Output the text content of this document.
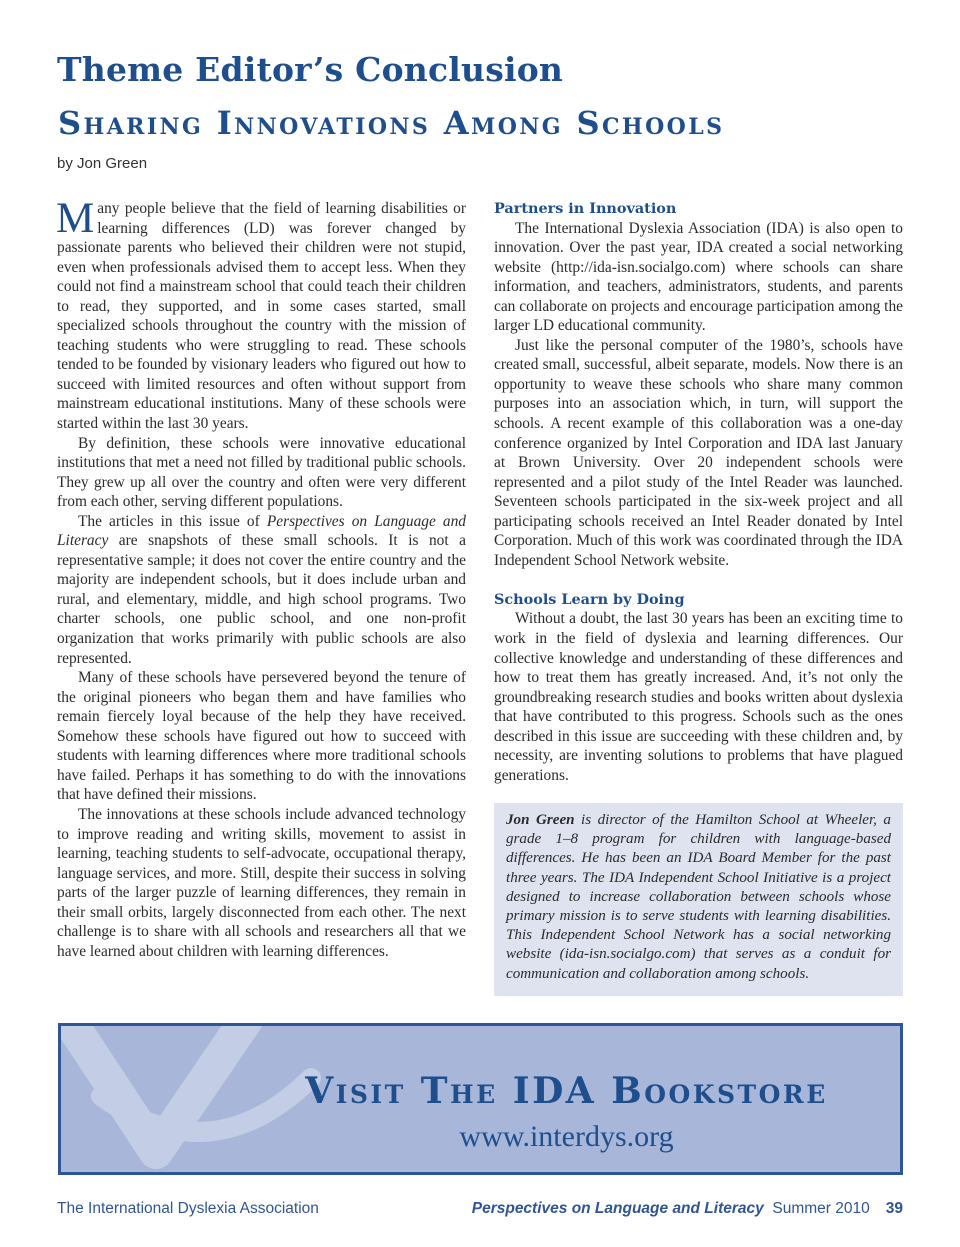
Theme Editor’s Conclusion
Sharing Innovations Among Schools
by Jon Green

Many people believe that the field of learning disabilities or learning differences (LD) was forever changed by passionate parents who believed their children were not stupid, even when professionals advised them to accept less. When they could not find a mainstream school that could teach their children to read, they supported, and in some cases started, small specialized schools throughout the country with the mission of teaching students who were struggling to read. These schools tended to be founded by visionary leaders who figured out how to succeed with limited resources and often without support from mainstream educational institutions. Many of these schools were started within the last 30 years.

By definition, these schools were innovative educational institutions that met a need not filled by traditional public schools. They grew up all over the country and often were very different from each other, serving different populations.

The articles in this issue of Perspectives on Language and Literacy are snapshots of these small schools. It is not a representative sample; it does not cover the entire country and the majority are independent schools, but it does include urban and rural, and elementary, middle, and high school programs. Two charter schools, one public school, and one non-profit organization that works primarily with public schools are also represented.

Many of these schools have persevered beyond the tenure of the original pioneers who began them and have families who remain fiercely loyal because of the help they have received. Somehow these schools have figured out how to succeed with students with learning differences where more traditional schools have failed. Perhaps it has something to do with the innovations that have defined their missions.

The innovations at these schools include advanced technology to improve reading and writing skills, movement to assist in learning, teaching students to self-advocate, occupational therapy, language services, and more. Still, despite their success in solving parts of the larger puzzle of learning differences, they remain in their small orbits, largely disconnected from each other. The next challenge is to share with all schools and researchers all that we have learned about children with learning differences.

Partners in Innovation

The International Dyslexia Association (IDA) is also open to innovation. Over the past year, IDA created a social networking website (http://ida-isn.socialgo.com) where schools can share information, and teachers, administrators, students, and parents can collaborate on projects and encourage participation among the larger LD educational community.

Just like the personal computer of the 1980’s, schools have created small, successful, albeit separate, models. Now there is an opportunity to weave these schools who share many common purposes into an association which, in turn, will support the schools. A recent example of this collaboration was a one-day conference organized by Intel Corporation and IDA last January at Brown University. Over 20 independent schools were represented and a pilot study of the Intel Reader was launched. Seventeen schools participated in the six-week project and all participating schools received an Intel Reader donated by Intel Corporation. Much of this work was coordinated through the IDA Independent School Network website.

Schools Learn by Doing

Without a doubt, the last 30 years has been an exciting time to work in the field of dyslexia and learning differences. Our collective knowledge and understanding of these differences and how to treat them has greatly increased. And, it’s not only the groundbreaking research studies and books written about dyslexia that have contributed to this progress. Schools such as the ones described in this issue are succeeding with these children and, by necessity, are inventing solutions to problems that have plagued generations.

Jon Green is director of the Hamilton School at Wheeler, a grade 1–8 program for children with language-based differences. He has been an IDA Board Member for the past three years. The IDA Independent School Initiative is a project designed to increase collaboration between schools whose primary mission is to serve students with learning disabilities. This Independent School Network has a social networking website (ida-isn.socialgo.com) that serves as a conduit for communication and collaboration among schools.
Visit The IDA Bookstore
www.interdys.org
The International Dyslexia Association	Perspectives on Language and Literacy Summer 2010 39
